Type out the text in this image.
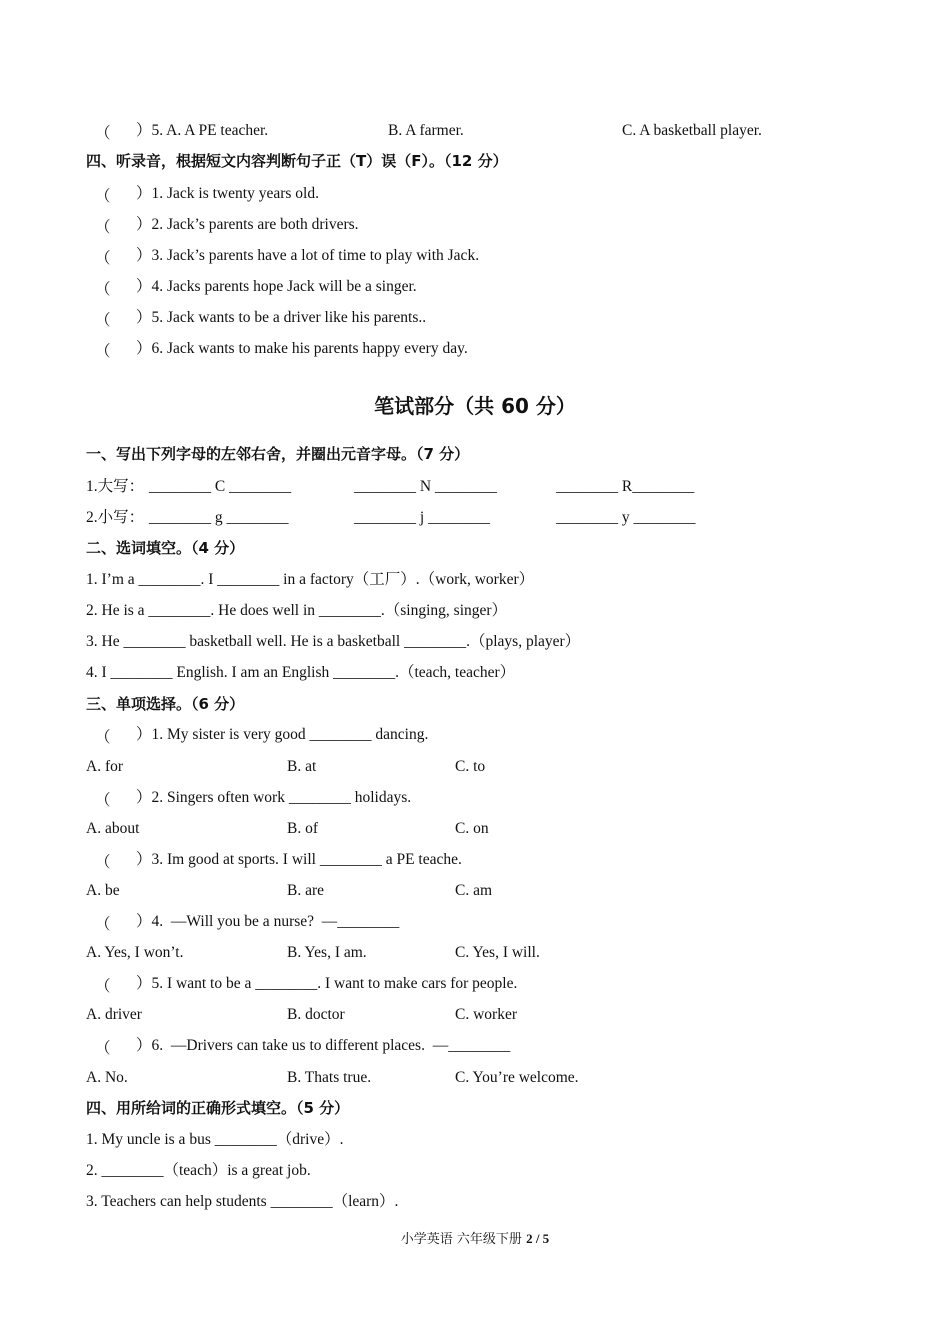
（ ）5. A. A PE teacher.	B. A farmer.	C. A basketball player.
四、听录音，根据短文内容判断句子正（T）误（F）。（12 分）
（ ）1. Jack is twenty years old.
（ ）2. Jack’s parents are both drivers.
（ ）3. Jack’s parents have a lot of time to play with Jack.
（ ）4. Jacks parents hope Jack will be a singer.
（ ）5. Jack wants to be a driver like his parents..
（ ）6. Jack wants to make his parents happy every day.
笔试部分（共 60 分）
一、写出下列字母的左邻右舍，并圈出元音字母。（7 分）
1.大写： ________ C ________	________ N ________	________ R________
2.小写： ________ g ________	________ j ________	________ y ________
二、选词填空。（4 分）
1. I’m a ________. I ________ in a factory（工厂）.（work, worker）
2. He is a ________. He does well in ________.（singing, singer）
3. He ________ basketball well. He is a basketball ________.（plays, player）
4. I ________ English. I am an English ________.（teach, teacher）
三、单项选择。（6 分）
（ ）1. My sister is very good ________ dancing.
A. for	B. at	C. to
（ ）2. Singers often work ________ holidays.
A. about	B. of	C. on
（ ）3. Im good at sports. I will ________ a PE teache.
A. be	B. are	C. am
（ ）4.  —Will you be a nurse?  —________
A. Yes, I won’t.	B. Yes, I am.	C. Yes, I will.
（ ）5. I want to be a ________. I want to make cars for people.
A. driver	B. doctor	C. worker
（ ）6.  —Drivers can take us to different places.  —________
A. No.	B. Thats true.	C. You’re welcome.
四、用所给词的正确形式填空。（5 分）
1. My uncle is a bus ________（drive）.
2. ________（teach）is a great job.
3. Teachers can help students ________（learn）.
小学英语 六年级下册 2 / 5
